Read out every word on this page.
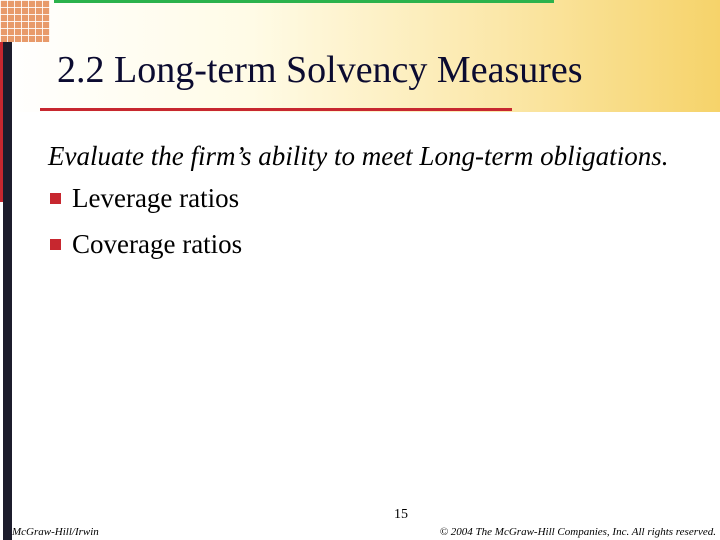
2.2 Long-term Solvency Measures

Evaluate the firm’s ability to meet Long-term obligations.

Leverage ratios
Coverage ratios
15
McGraw-Hill/Irwin	© 2004 The McGraw-Hill Companies, Inc. All rights reserved.
